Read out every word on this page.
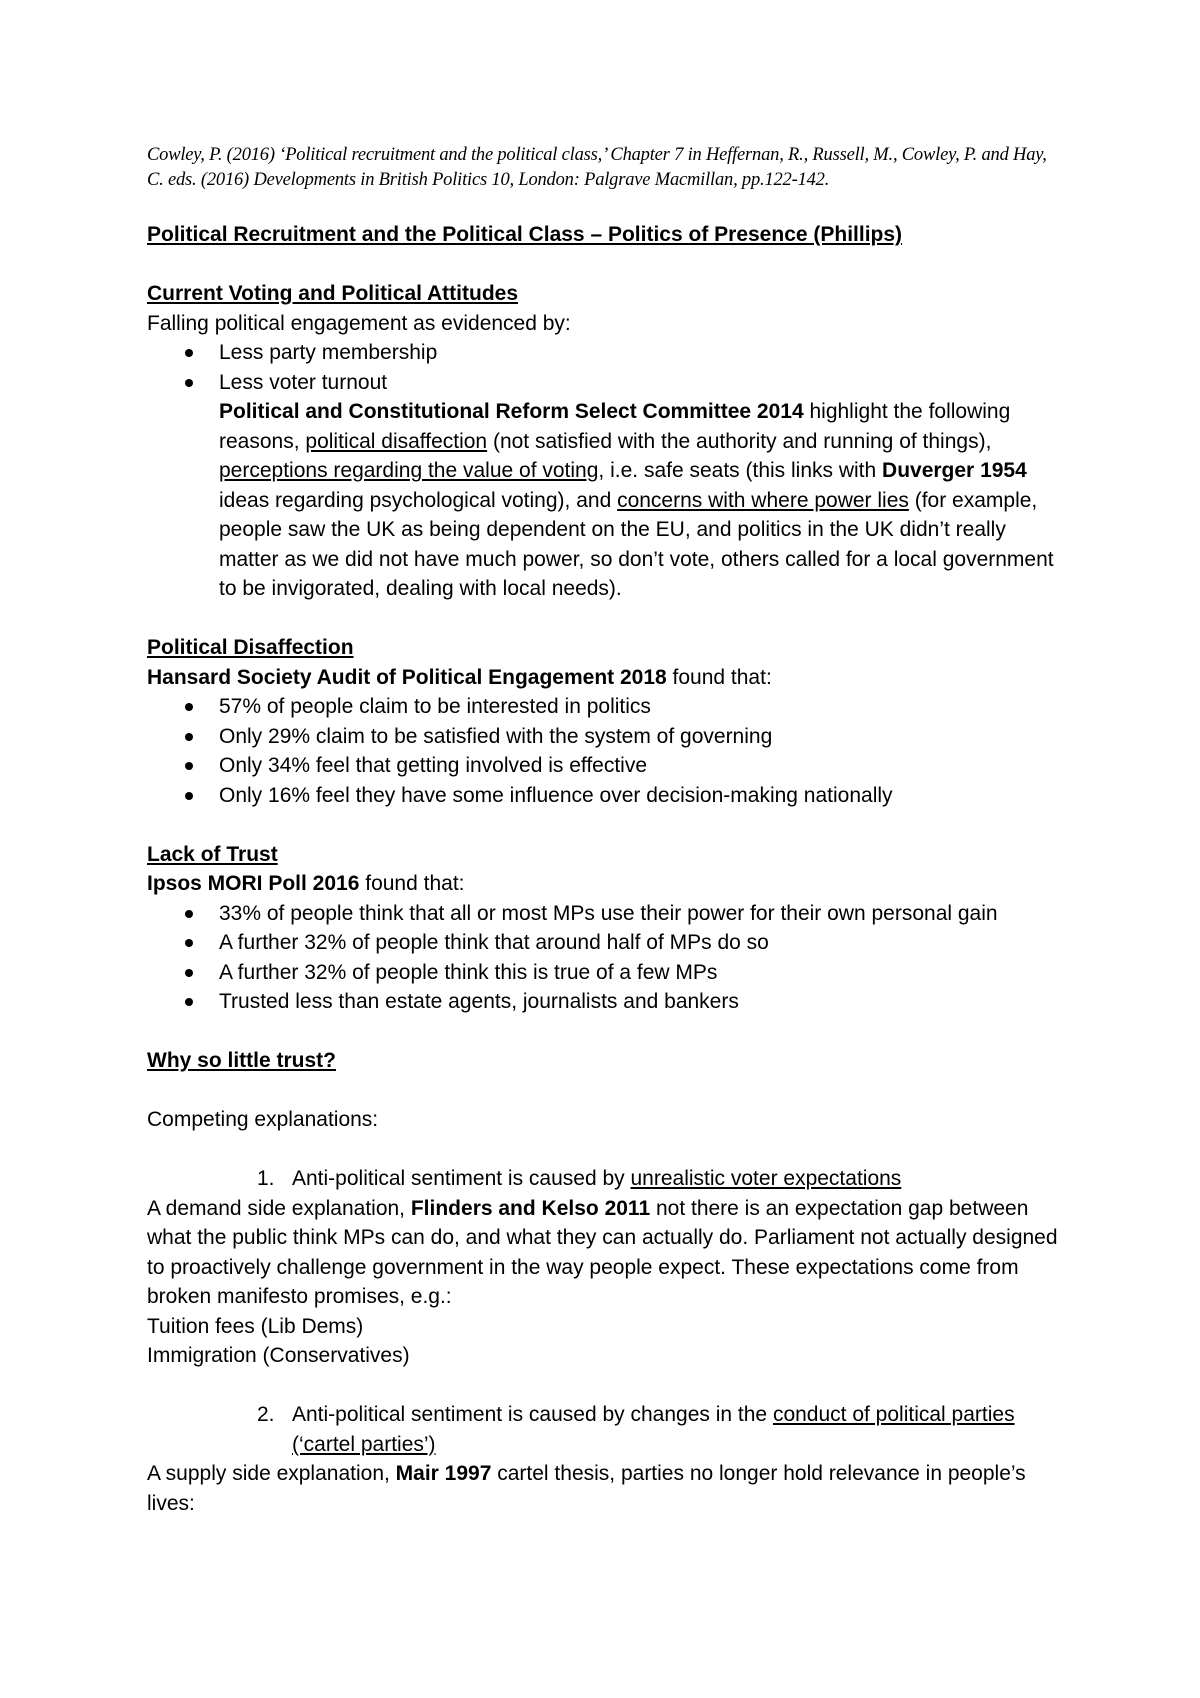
Cowley, P. (2016) ‘Political recruitment and the political class,’ Chapter 7 in Heffernan, R., Russell, M., Cowley, P. and Hay, C. eds. (2016) Developments in British Politics 10, London: Palgrave Macmillan, pp.122-142.

Political Recruitment and the Political Class – Politics of Presence (Phillips)

Current Voting and Political Attitudes

Falling political engagement as evidenced by:

Less party membership
Less voter turnout

Political and Constitutional Reform Select Committee 2014 highlight the following reasons, political disaffection (not satisfied with the authority and running of things), perceptions regarding the value of voting, i.e. safe seats (this links with Duverger 1954 ideas regarding psychological voting), and concerns with where power lies (for example, people saw the UK as being dependent on the EU, and politics in the UK didn’t really matter as we did not have much power, so don’t vote, others called for a local government to be invigorated, dealing with local needs).

Political Disaffection

Hansard Society Audit of Political Engagement 2018 found that:

57% of people claim to be interested in politics
Only 29% claim to be satisfied with the system of governing
Only 34% feel that getting involved is effective
Only 16% feel they have some influence over decision-making nationally

Lack of Trust

Ipsos MORI Poll 2016 found that:

33% of people think that all or most MPs use their power for their own personal gain
A further 32% of people think that around half of MPs do so
A further 32% of people think this is true of a few MPs
Trusted less than estate agents, journalists and bankers

Why so little trust?

Competing explanations:

1. Anti-political sentiment is caused by unrealistic voter expectations

A demand side explanation, Flinders and Kelso 2011 not there is an expectation gap between what the public think MPs can do, and what they can actually do. Parliament not actually designed to proactively challenge government in the way people expect. These expectations come from broken manifesto promises, e.g.:

Tuition fees (Lib Dems)

Immigration (Conservatives)

2. Anti-political sentiment is caused by changes in the conduct of political parties (‘cartel parties’)

A supply side explanation, Mair 1997 cartel thesis, parties no longer hold relevance in people’s lives:
